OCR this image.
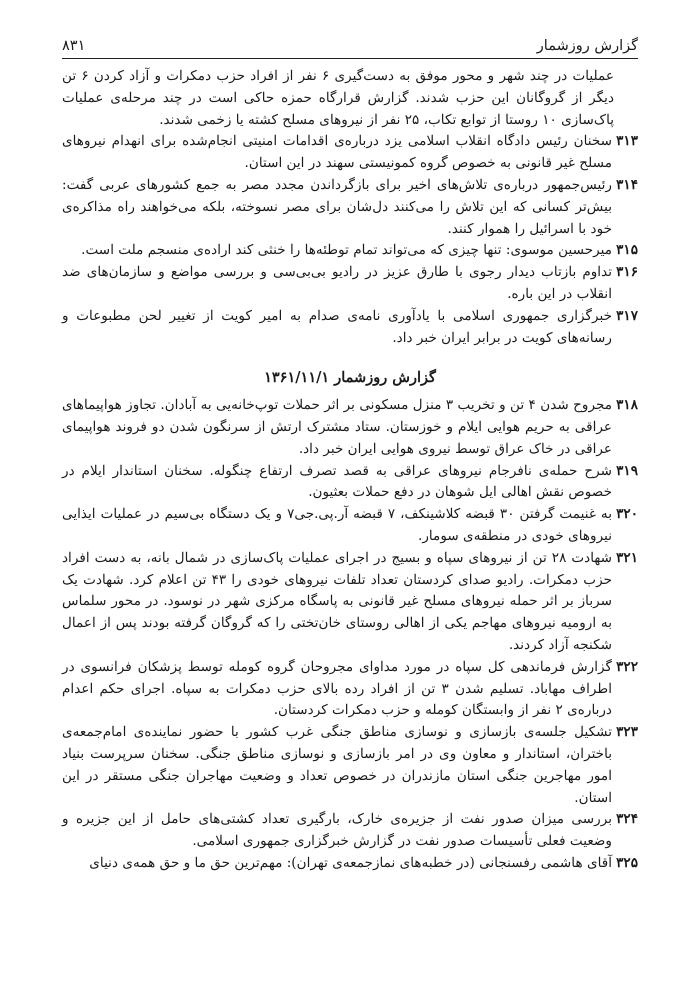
گزارش روزشمار
۸۳۱

عملیات در چند شهر و محور موفق به دست‌گیری ۶ نفر از افراد حزب دمکرات و آزاد کردن ۶ تن دیگر از گروگانان این حزب شدند. گزارش قرارگاه حمزه حاکی است در چند مرحله‌ی عملیات پاک‌سازی ۱۰ روستا از توابع تکاب، ۲۵ نفر از نیروهای مسلح کشته یا زخمی شدند.

۳۱۳
سخنان رئیس دادگاه انقلاب اسلامی یزد درباره‌ی اقدامات امنیتی انجام‌شده برای انهدام نیروهای مسلح غیر قانونی به خصوص گروه کمونیستی سهند در این استان.
۳۱۴
رئیس‌جمهور درباره‌ی تلاش‌های اخیر برای بازگرداندن مجدد مصر به جمع کشورهای عربی گفت: بیش‌تر کسانی که این تلاش را می‌کنند دل‌شان برای مصر نسوخته، بلکه می‌خواهند راه مذاکره‌ی خود با اسرائیل را هموار کنند.
۳۱۵
میرحسین موسوی: تنها چیزی که می‌تواند تمام توطئه‌ها را خنثی کند اراده‌ی منسجم ملت است.
۳۱۶
تداوم بازتاب دیدار رجوی با طارق عزیز در رادیو بی‌بی‌سی و بررسی مواضع و سازمان‌های ضد انقلاب در این باره.
۳۱۷
خبرگزاری جمهوری اسلامی با یادآوری نامه‌ی صدام به امیر کویت از تغییر لحن مطبوعات و رسانه‌های کویت در برابر ایران خبر داد.
گزارش روزشمار ۱۳۶۱/۱۱/۱
۳۱۸
مجروح شدن ۴ تن و تخریب ۳ منزل مسکونی بر اثر حملات توپ‌خانه‌یی به آبادان. تجاوز هواپیماهای عراقی به حریم هوایی ایلام و خوزستان. ستاد مشترک ارتش از سرنگون شدن دو فروند هواپیمای عراقی در خاک عراق توسط نیروی هوایی ایران خبر داد.
۳۱۹
شرح حمله‌ی نافرجام نیروهای عراقی به قصد تصرف ارتفاع چنگوله. سخنان استاندار ایلام در خصوص نقش اهالی ایل شوهان در دفع حملات بعثیون.
۳۲۰
به غنیمت گرفتن ۳۰ قبضه کلاشینکف، ۷ قبضه آر.پی.جی۷ و یک دستگاه بی‌سیم در عملیات ایذایی نیروهای خودی در منطقه‌ی سومار.
۳۲۱
شهادت ۲۸ تن از نیروهای سپاه و بسیج در اجرای عملیات پاک‌سازی در شمال بانه، به دست افراد حزب دمکرات. رادیو صدای کردستان تعداد تلفات نیروهای خودی را ۴۳ تن اعلام کرد. شهادت یک سرباز بر اثر حمله نیروهای مسلح غیر قانونی به پاسگاه مرکزی شهر در نوسود. در محور سلماس به ارومیه نیروهای مهاجم یکی از اهالی روستای خان‌تختی را که گروگان گرفته بودند پس از اعمال شکنجه آزاد کردند.
۳۲۲
گزارش فرماندهی کل سپاه در مورد مداوای مجروحان گروه کومله توسط پزشکان فرانسوی در اطراف مهاباد. تسلیم شدن ۳ تن از افراد رده بالای حزب دمکرات به سپاه. اجرای حکم اعدام درباره‌ی ۲ نفر از وابستگان کومله و حزب دمکرات کردستان.
۳۲۳
تشکیل جلسه‌ی بازسازی و نوسازی مناطق جنگی غرب کشور با حضور نماینده‌ی امام‌جمعه‌ی باختران، استاندار و معاون وی در امر بازسازی و نوسازی مناطق جنگی. سخنان سرپرست بنیاد امور مهاجرین جنگی استان مازندران در خصوص تعداد و وضعیت مهاجران جنگی مستقر در این استان.
۳۲۴
بررسی میزان صدور نفت از جزیره‌ی خارک، بارگیری تعداد کشتی‌های حامل از این جزیره و وضعیت فعلی تأسیسات صدور نفت در گزارش خبرگزاری جمهوری اسلامی.
۳۲۵
آقای هاشمی رفسنجانی (در خطبه‌های نمازجمعه‌ی تهران): مهم‌ترین حق ما و حق همه‌ی دنیای
